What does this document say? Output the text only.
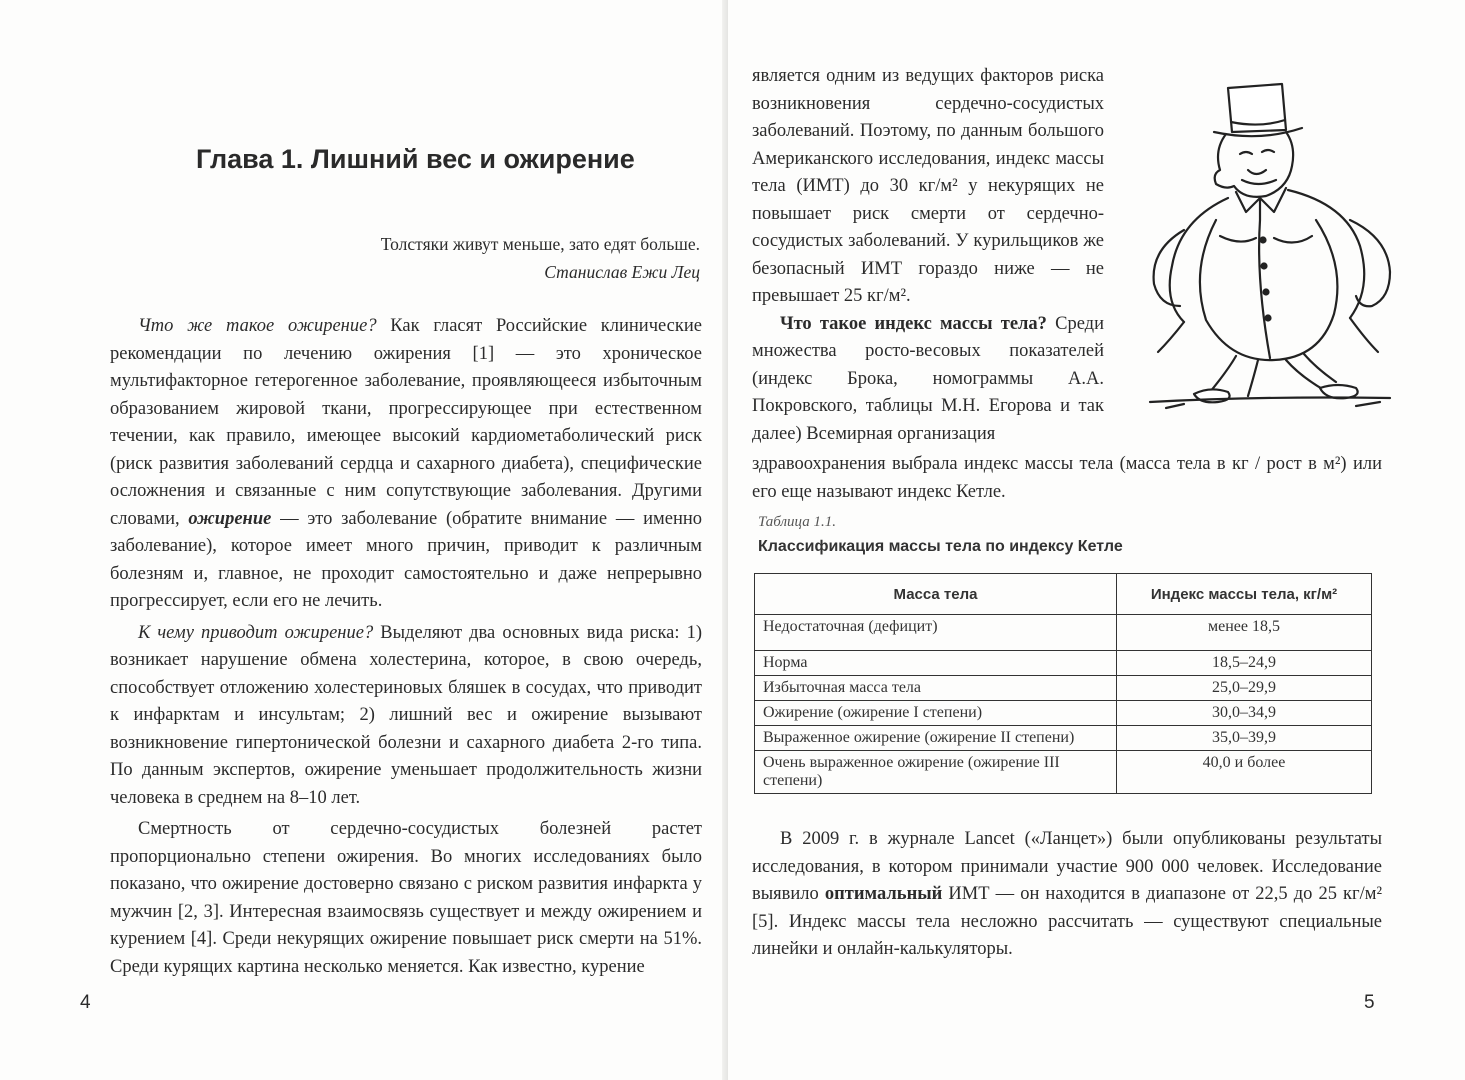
Глава 1. Лишний вес и ожирение
Толстяки живут меньше, зато едят больше.
Станислав Ежи Лец

Что же такое ожирение? Как гласят Российские клинические рекомендации по лечению ожирения [1] — это хроническое мультифакторное гетерогенное заболевание, проявляющееся избыточным образованием жировой ткани, прогрессирующее при естественном течении, как правило, имеющее высокий кардиометаболический риск (риск развития заболеваний сердца и сахарного диабета), специфические осложнения и связанные с ним сопутствующие заболевания. Другими словами, ожирение — это заболевание (обратите внимание — именно заболевание), которое имеет много причин, приводит к различным болезням и, главное, не проходит самостоятельно и даже непрерывно прогрессирует, если его не лечить.

К чему приводит ожирение? Выделяют два основных вида риска: 1) возникает нарушение обмена холестерина, которое, в свою очередь, способствует отложению холестериновых бляшек в сосудах, что приводит к инфарктам и инсультам; 2) лишний вес и ожирение вызывают возникновение гипертонической болезни и сахарного диабета 2-го типа. По данным экспертов, ожирение уменьшает продолжительность жизни человека в среднем на 8–10 лет.

Смертность от сердечно-сосудистых болезней растет пропорционально степени ожирения. Во многих исследованиях было показано, что ожирение достоверно связано с риском развития инфаркта у мужчин [2, 3]. Интересная взаимосвязь существует и между ожирением и курением [4]. Среди некурящих ожирение повышает риск смерти на 51%. Среди курящих картина несколько меняется. Как известно, курение

4

является одним из ведущих факторов риска возникновения сердечно-сосудистых заболеваний. Поэтому, по данным большого Американского исследования, индекс массы тела (ИМТ) до 30 кг/м² у некурящих не повышает риск смерти от сердечно-сосудистых заболеваний. У курильщиков же безопасный ИМТ гораздо ниже — не превышает 25 кг/м².

Что такое индекс массы тела? Среди множества росто-весовых показателей (индекс Брока, номограммы А.А. Покровского, таблицы М.Н. Егорова и так далее) Всемирная организация

здравоохранения выбрала индекс массы тела (масса тела в кг / рост в м²) или его еще называют индекс Кетле.

Таблица 1.1.
Классификация массы тела по индексу Кетле
Масса тела	Индекс массы тела, кг/м²
Недостаточная (дефицит)	менее 18,5
Норма	18,5–24,9
Избыточная масса тела	25,0–29,9
Ожирение (ожирение I степени)	30,0–34,9
Выраженное ожирение (ожирение II степени)	35,0–39,9
Очень выраженное ожирение (ожирение III степени)	40,0 и более

В 2009 г. в журнале Lancet («Ланцет») были опубликованы результаты исследования, в котором принимали участие 900 000 человек. Исследование выявило оптимальный ИМТ — он находится в диапазоне от 22,5 до 25 кг/м² [5]. Индекс массы тела несложно рассчитать — существуют специальные линейки и онлайн-калькуляторы.

5
